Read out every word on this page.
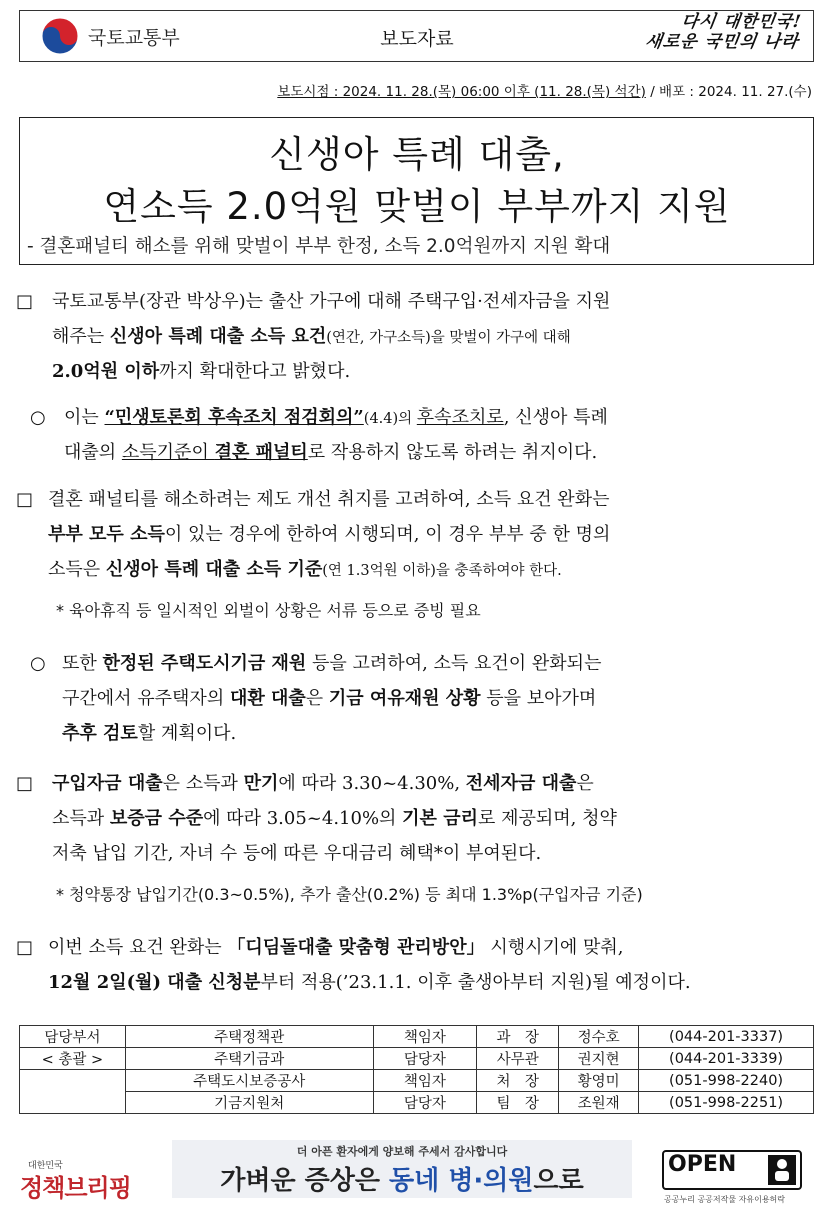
국토교통부	보도자료
다시 대한민국!
새로운 국민의 나라
보도시점 : 2024. 11. 28.(목) 06:00 이후 (11. 28.(목) 석간) / 배포 : 2024. 11. 27.(수)
신생아 특례 대출,
연소득 2.0억원 맞벌이 부부까지 지원
- 결혼패널티 해소를 위해 맞벌이 부부 한정, 소득 2.0억원까지 지원 확대
□ 국토교통부(장관 박상우)는 출산 가구에 대해 주택구입·전세자금을 지원
해주는 신생아 특례 대출 소득 요건(연간, 가구소득)을 맞벌이 가구에 대해
2.0억원 이하까지 확대한다고 밝혔다.
○ 이는 “민생토론회 후속조치 점검회의”(4.4)의 후속조치로, 신생아 특례
대출의 소득기준이 결혼 패널티로 작용하지 않도록 하려는 취지이다.
□ 결혼 패널티를 해소하려는 제도 개선 취지를 고려하여, 소득 요건 완화는
부부 모두 소득이 있는 경우에 한하여 시행되며, 이 경우 부부 중 한 명의
소득은 신생아 특례 대출 소득 기준(연 1.3억원 이하)을 충족하여야 한다.
* 육아휴직 등 일시적인 외벌이 상황은 서류 등으로 증빙 필요
○ 또한 한정된 주택도시기금 재원 등을 고려하여, 소득 요건이 완화되는
구간에서 유주택자의 대환 대출은 기금 여유재원 상황 등을 보아가며
추후 검토할 계획이다.
□ 구입자금 대출은 소득과 만기에 따라 3.30~4.30%, 전세자금 대출은
소득과 보증금 수준에 따라 3.05~4.10%의 기본 금리로 제공되며, 청약
저축 납입 기간, 자녀 수 등에 따른 우대금리 혜택*이 부여된다.
* 청약통장 납입기간(0.3~0.5%), 추가 출산(0.2%) 등 최대 1.3%p(구입자금 기준)
□ 이번 소득 요건 완화는 「디딤돌대출 맞춤형 관리방안」 시행시기에 맞춰,
12월 2일(월) 대출 신청분부터 적용(’23.1.1. 이후 출생아부터 지원)될 예정이다.
담당부서	주택정책관	책임자	과　장	정수호	(044-201-3337)
< 총괄 >	주택기금과	담당자	사무관	권지현	(044-201-3339)
	주택도시보증공사	책임자	처　장	황영미	(051-998-2240)
	기금지원처	담당자	팀　장	조원재	(051-998-2251)
대한민국
정책브리핑
더 아픈 환자에게 양보해 주세서 감사합니다
가벼운 증상은 동네 병·의원으로
OPEN
공공누리 공공저작물 자유이용허락
